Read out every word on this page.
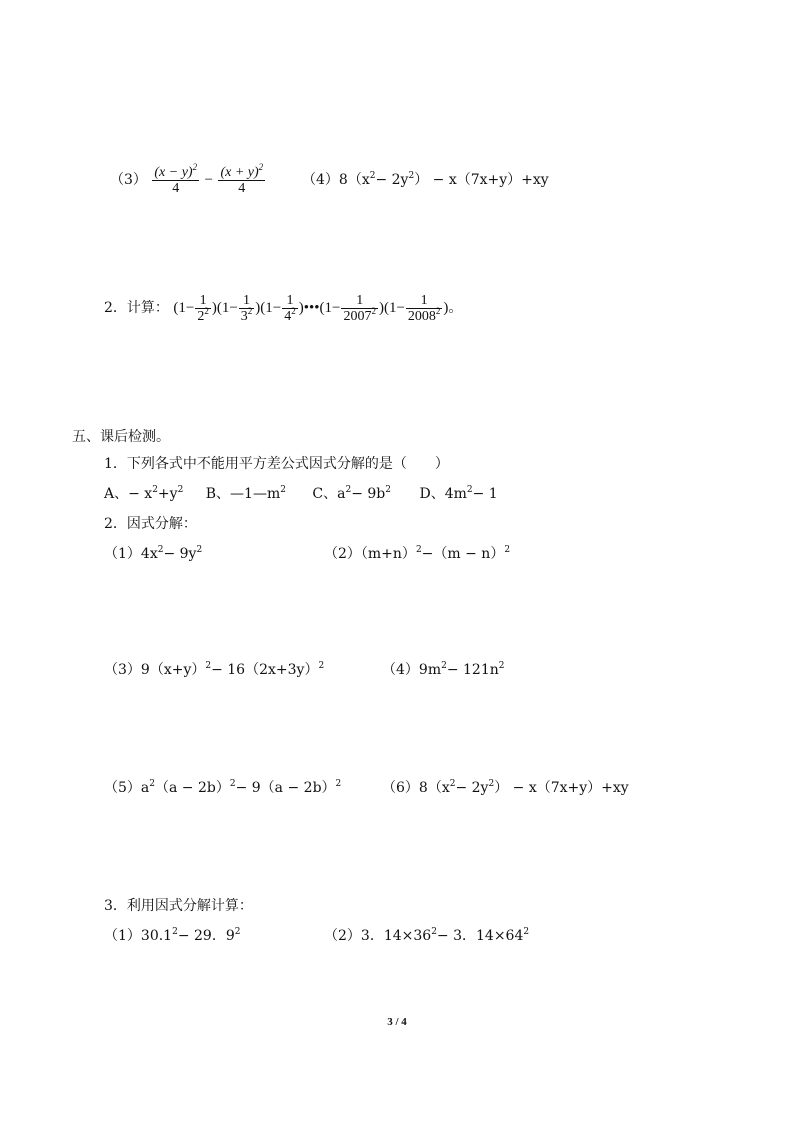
$(3) \frac{(x - y)^2}{4} - \frac{(x + y)^2}{4}$	$(4)8(x^2- 2y^2) - x(7x+y)+xy$
2．计算： $(1- \frac{1}{2^2} )(1- \frac{1}{3^2} )(1- \frac{1}{4^2}$ )•••(1− $\frac{1}{2007^2} )(1- \frac{1}{2008^2}$ )。
五、课后检测。
1．下列各式中不能用平方差公式因式分解的是（　　）
A、− $x^2+y^2$ B、$—1—m^2$ C、$a^2- 9b^2$ D、$4m^2- 1$
2．因式分解：
$(1)4x^2- 9y^2$	$(2)(m+n)^2-(m - n)^2$
$(3)9(x+y)^2- 16(2x+3y)^2$	$(4)9m^2- 121n^2$
$(5)a^2(a - 2b)^2- 9(a - 2b)^2$	$(6)8(x^2- 2y^2) - x(7x+y)+xy$
3．利用因式分解计算：
$(1)30.1^2- 29$．$9^2$	（2）3．$14\times 36^2- 3$．$14\times 64^2$
3 / 4
